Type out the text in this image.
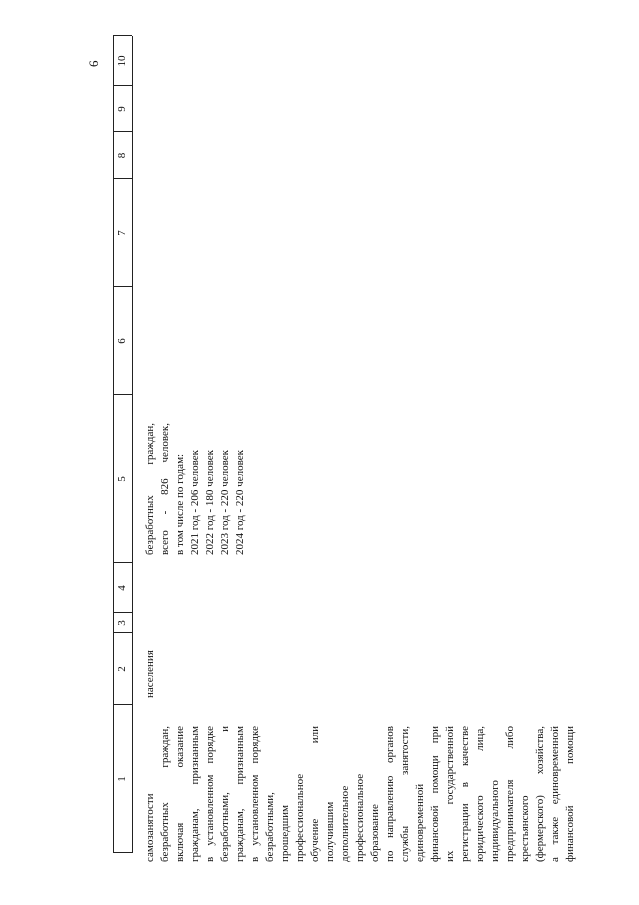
6
1
2
3
4
5
6
7
8
9
10
самозанятости безработных граждан, включая оказание гражданам, признанным в установленном порядке безработными, и гражданам, признанным в установленном порядке безработными, прошедшим профессиональное обучение или получившим дополнительное профессиональное образование по направлению органов службы занятости, единовременной финансовой помощи при их государственной регистрации в качестве юридического лица, индивидуального предпринимателя либо крестьянского (фермерского) хозяйства, а также единовременной финансовой помощи
населения
безработных граждан, всего - 826 человек, в том числе по годам: 2021 год - 206 человек 2022 год - 180 человек 2023 год - 220 человек 2024 год - 220 человек
